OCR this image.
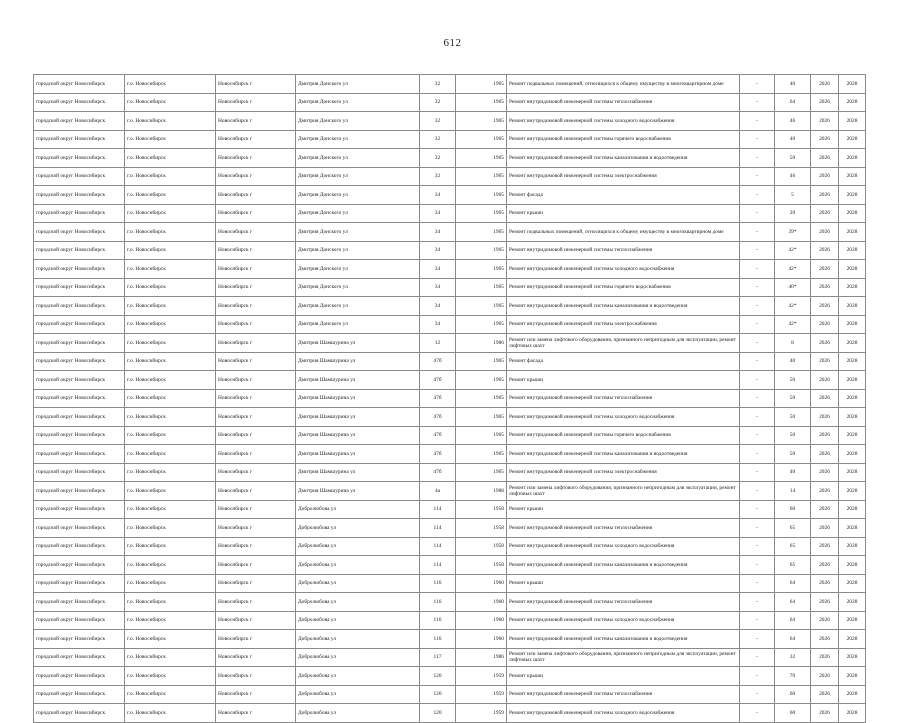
612
городской округ Новосибирск	г.о. Новосибирск	Новосибирск г	Дмитрия Донского ул	32	1965	Ремонт подвальных помещений, относящихся к общему имуществу в многоквартирном доме	-	40	2026	2028
городской округ Новосибирск	г.о. Новосибирск	Новосибирск г	Дмитрия Донского ул	32	1965	Ремонт внутридомовой инженерной системы теплоснабжения	-	64	2026	2028
городской округ Новосибирск	г.о. Новосибирск	Новосибирск г	Дмитрия Донского ул	32	1965	Ремонт внутридомовой инженерной системы холодного водоснабжения	-	46	2026	2028
городской округ Новосибирск	г.о. Новосибирск	Новосибирск г	Дмитрия Донского ул	32	1965	Ремонт внутридомовой инженерной системы горячего водоснабжения	-	40	2026	2028
городской округ Новосибирск	г.о. Новосибирск	Новосибирск г	Дмитрия Донского ул	32	1965	Ремонт внутридомовой инженерной системы канализования и водоотведения	-	50	2026	2028
городской округ Новосибирск	г.о. Новосибирск	Новосибирск г	Дмитрия Донского ул	32	1965	Ремонт внутридомовой инженерной системы электроснабжения	-	46	2026	2028
городской округ Новосибирск	г.о. Новосибирск	Новосибирск г	Дмитрия Донского ул	34	1965	Ремонт фасада	-	5	2026	2028
городской округ Новосибирск	г.о. Новосибирск	Новосибирск г	Дмитрия Донского ул	34	1965	Ремонт крыши	-	20	2026	2028
городской округ Новосибирск	г.о. Новосибирск	Новосибирск г	Дмитрия Донского ул	34	1965	Ремонт подвальных помещений, относящихся к общему имуществу в многоквартирном доме	-	39*	2026	2028
городской округ Новосибирск	г.о. Новосибирск	Новосибирск г	Дмитрия Донского ул	34	1965	Ремонт внутридомовой инженерной системы теплоснабжения	-	42*	2026	2028
городской округ Новосибирск	г.о. Новосибирск	Новосибирск г	Дмитрия Донского ул	34	1965	Ремонт внутридомовой инженерной системы холодного водоснабжения	-	42*	2026	2028
городской округ Новосибирск	г.о. Новосибирск	Новосибирск г	Дмитрия Донского ул	34	1965	Ремонт внутридомовой инженерной системы горячего водоснабжения	-	40*	2026	2028
городской округ Новосибирск	г.о. Новосибирск	Новосибирск г	Дмитрия Донского ул	34	1965	Ремонт внутридомовой инженерной системы канализования и водоотведения	-	42*	2026	2028
городской округ Новосибирск	г.о. Новосибирск	Новосибирск г	Дмитрия Донского ул	34	1965	Ремонт внутридомовой инженерной системы электроснабжения	-	42*	2026	2028
городской округ Новосибирск	г.о. Новосибирск	Новосибирск г	Дмитрия Шамшурина ул	12	1986	Ремонт или замена лифтового оборудования, признанного непригодным для эксплуатации, ремонт лифтовых шахт	-	8	2026	2028
городской округ Новосибирск	г.о. Новосибирск	Новосибирск г	Дмитрия Шамшурина ул	47б	1965	Ремонт фасада	-	40	2026	2028
городской округ Новосибирск	г.о. Новосибирск	Новосибирск г	Дмитрия Шамшурина ул	47б	1965	Ремонт крыши	-	50	2026	2028
городской округ Новосибирск	г.о. Новосибирск	Новосибирск г	Дмитрия Шамшурина ул	47б	1965	Ремонт внутридомовой инженерной системы теплоснабжения	-	50	2026	2028
городской округ Новосибирск	г.о. Новосибирск	Новосибирск г	Дмитрия Шамшурина ул	47б	1965	Ремонт внутридомовой инженерной системы холодного водоснабжения	-	50	2026	2028
городской округ Новосибирск	г.о. Новосибирск	Новосибирск г	Дмитрия Шамшурина ул	47б	1965	Ремонт внутридомовой инженерной системы горячего водоснабжения	-	50	2026	2028
городской округ Новосибирск	г.о. Новосибирск	Новосибирск г	Дмитрия Шамшурина ул	47б	1965	Ремонт внутридомовой инженерной системы канализования и водоотведения	-	50	2026	2028
городской округ Новосибирск	г.о. Новосибирск	Новосибирск г	Дмитрия Шамшурина ул	47б	1965	Ремонт внутридомовой инженерной системы электроснабжения	-	40	2026	2028
городской округ Новосибирск	г.о. Новосибирск	Новосибирск г	Дмитрия Шамшурина ул	4а	1988	Ремонт или замена лифтового оборудования, признанного непригодным для эксплуатации, ремонт лифтовых шахт	-	14	2026	2028
городской округ Новосибирск	г.о. Новосибирск	Новосибирск г	Добролюбова ул	114	1958	Ремонт крыши	-	60	2026	2028
городской округ Новосибирск	г.о. Новосибирск	Новосибирск г	Добролюбова ул	114	1958	Ремонт внутридомовой инженерной системы теплоснабжения	-	65	2026	2028
городской округ Новосибирск	г.о. Новосибирск	Новосибирск г	Добролюбова ул	114	1958	Ремонт внутридомовой инженерной системы холодного водоснабжения	-	65	2026	2028
городской округ Новосибирск	г.о. Новосибирск	Новосибирск г	Добролюбова ул	114	1958	Ремонт внутридомовой инженерной системы канализования и водоотведения	-	65	2026	2028
городской округ Новосибирск	г.о. Новосибирск	Новосибирск г	Добролюбова ул	116	1960	Ремонт крыши	-	64	2026	2028
городской округ Новосибирск	г.о. Новосибирск	Новосибирск г	Добролюбова ул	116	1960	Ремонт внутридомовой инженерной системы теплоснабжения	-	64	2026	2028
городской округ Новосибирск	г.о. Новосибирск	Новосибирск г	Добролюбова ул	116	1960	Ремонт внутридомовой инженерной системы холодного водоснабжения	-	64	2026	2028
городской округ Новосибирск	г.о. Новосибирск	Новосибирск г	Добролюбова ул	116	1960	Ремонт внутридомовой инженерной системы канализования и водоотведения	-	64	2026	2028
городской округ Новосибирск	г.о. Новосибирск	Новосибирск г	Добролюбова ул	117	1986	Ремонт или замена лифтового оборудования, признанного непригодным для эксплуатации, ремонт лифтовых шахт	-	32	2026	2028
городской округ Новосибирск	г.о. Новосибирск	Новосибирск г	Добролюбова ул	120	1959	Ремонт крыши	-	70	2026	2028
городской округ Новосибирск	г.о. Новосибирск	Новосибирск г	Добролюбова ул	120	1959	Ремонт внутридомовой инженерной системы теплоснабжения	-	60	2026	2028
городской округ Новосибирск	г.о. Новосибирск	Новосибирск г	Добролюбова ул	120	1959	Ремонт внутридомовой инженерной системы холодного водоснабжения	-	60	2026	2028
